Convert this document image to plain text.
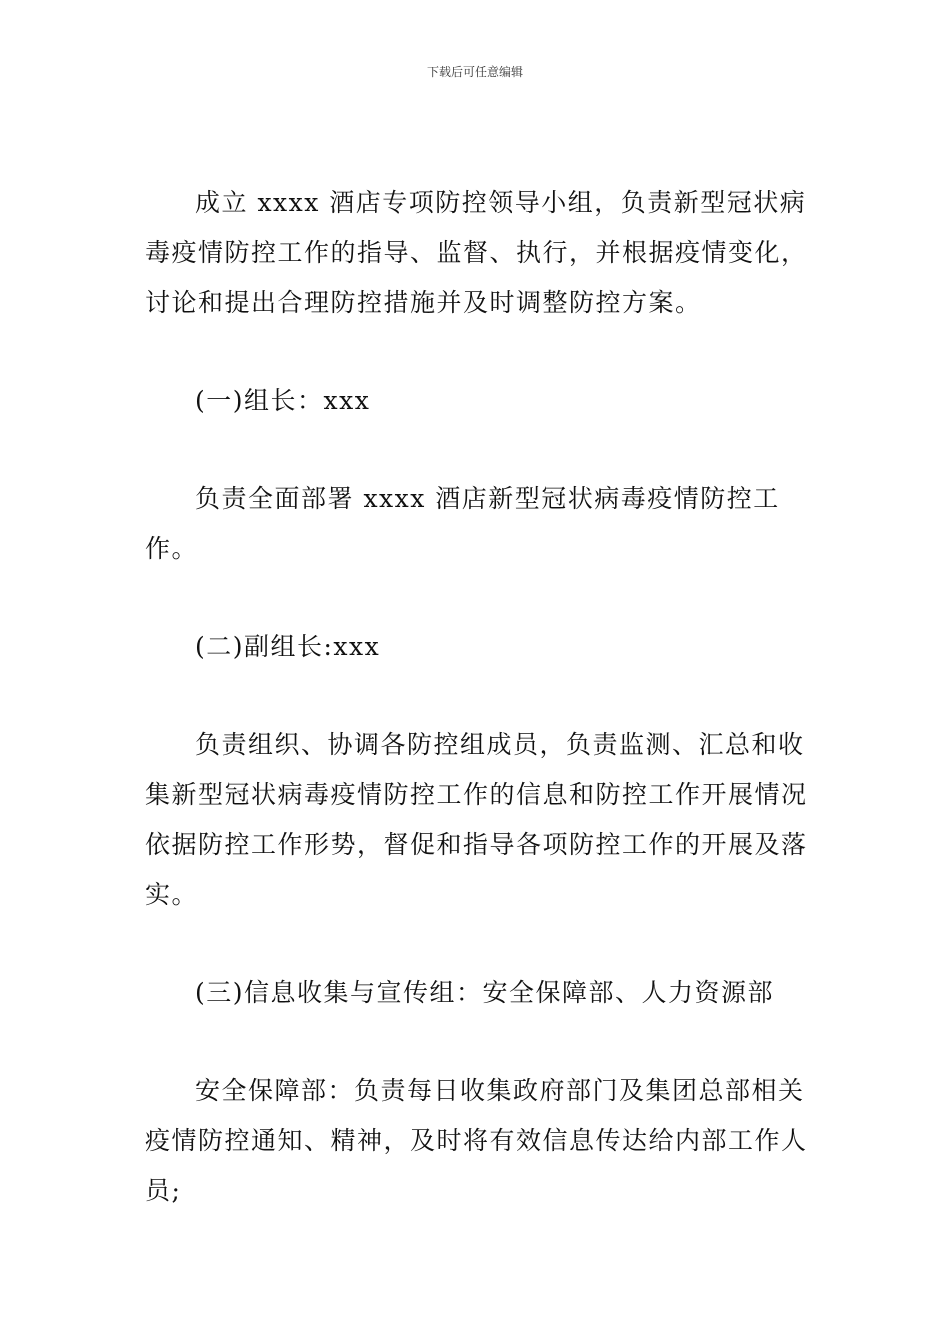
下载后可任意编辑

成立 xxxx 酒店专项防控领导小组，负责新型冠状病毒疫情防控工作的指导、监督、执行，并根据疫情变化，讨论和提出合理防控措施并及时调整防控方案。

(一)组长：xxx

负责全面部署 xxxx 酒店新型冠状病毒疫情防控工作。

(二)副组长:xxx

负责组织、协调各防控组成员，负责监测、汇总和收集新型冠状病毒疫情防控工作的信息和防控工作开展情况依据防控工作形势，督促和指导各项防控工作的开展及落实。

(三)信息收集与宣传组：安全保障部、人力资源部

安全保障部：负责每日收集政府部门及集团总部相关疫情防控通知、精神，及时将有效信息传达给内部工作人员;
